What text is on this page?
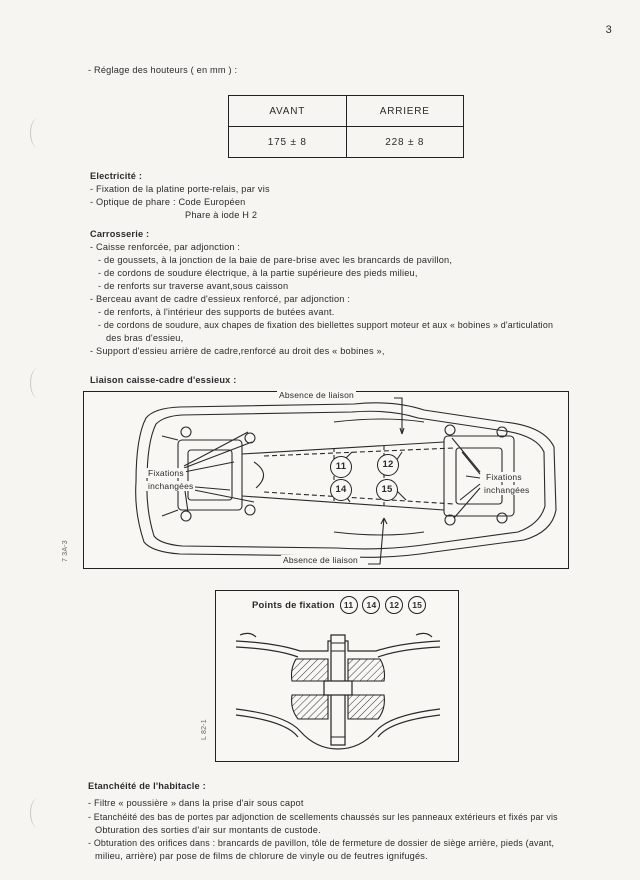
3
- Réglage des houteurs ( en mm ) :
AVANT	ARRIERE
175 ± 8	228 ± 8
Electricité :
- Fixation de la platine porte-relais, par vis
- Optique de phare : Code Européen
Phare à iode H 2
Carrosserie :
- Caisse renforcée, par adjonction :
- de goussets, à la jonction de la baie de pare-brise avec les brancards de pavillon,
- de cordons de soudure électrique, à la partie supérieure des pieds milieu,
- de renforts sur traverse avant,sous caisson
- Berceau avant de cadre d'essieux renforcé, par adjonction :
- de renforts, à l'intérieur des supports de butées avant.
- de cordons de soudure, aux chapes de fixation des biellettes support moteur et aux « bobines » d'articulation
des bras d'essieu,
- Support d'essieu arrière de cadre,renforcé au droit des « bobines »,
Liaison caisse-cadre d'essieux :
Absence de liaison
Absence de liaison
Fixations
inchangées
Fixations
inchangées
11	12
14	15
7 3A-3
Points de fixation 11 14 12 15
L 82-1
Etanchéité de l'habitacle :
- Filtre « poussière » dans la prise d'air sous capot
- Etanchéité des bas de portes par adjonction de scellements chaussés sur les panneaux extérieurs et fixés par vis
Obturation des sorties d'air sur montants de custode.
- Obturation des orifices dans : brancards de pavillon, tôle de fermeture de dossier de siège arrière, pieds (avant,
milieu, arrière) par pose de films de chlorure de vinyle ou de feutres ignifugés.
